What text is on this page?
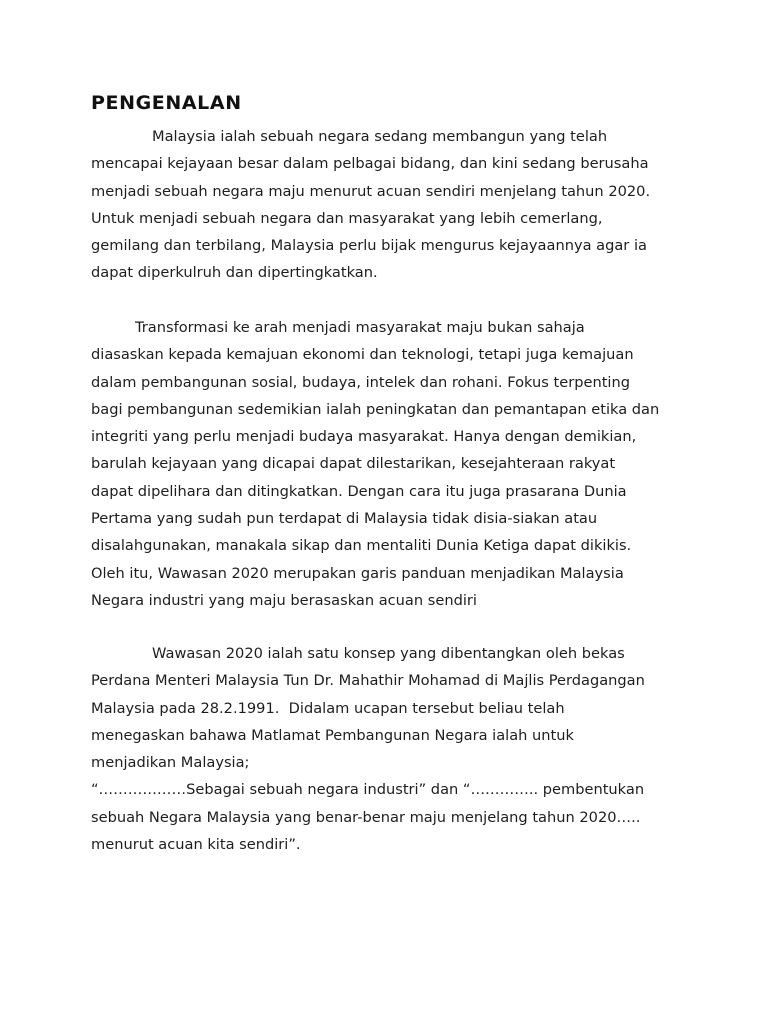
PENGENALAN

Malaysia ialah sebuah negara sedang membangun yang telah
mencapai kejayaan besar dalam pelbagai bidang, dan kini sedang berusaha
menjadi sebuah negara maju menurut acuan sendiri menjelang tahun 2020.
Untuk menjadi sebuah negara dan masyarakat yang lebih cemerlang,
gemilang dan terbilang, Malaysia perlu bijak mengurus kejayaannya agar ia
dapat diperkulruh dan dipertingkatkan.

Transformasi ke arah menjadi masyarakat maju bukan sahaja
diasaskan kepada kemajuan ekonomi dan teknologi, tetapi juga kemajuan
dalam pembangunan sosial, budaya, intelek dan rohani. Fokus terpenting
bagi pembangunan sedemikian ialah peningkatan dan pemantapan etika dan
integriti yang perlu menjadi budaya masyarakat. Hanya dengan demikian,
barulah kejayaan yang dicapai dapat dilestarikan, kesejahteraan rakyat
dapat dipelihara dan ditingkatkan. Dengan cara itu juga prasarana Dunia
Pertama yang sudah pun terdapat di Malaysia tidak disia-siakan atau
disalahgunakan, manakala sikap dan mentaliti Dunia Ketiga dapat dikikis.
Oleh itu, Wawasan 2020 merupakan garis panduan menjadikan Malaysia
Negara industri yang maju berasaskan acuan sendiri

Wawasan 2020 ialah satu konsep yang dibentangkan oleh bekas
Perdana Menteri Malaysia Tun Dr. Mahathir Mohamad di Majlis Perdagangan
Malaysia pada 28.2.1991.  Didalam ucapan tersebut beliau telah
menegaskan bahawa Matlamat Pembangunan Negara ialah untuk
menjadikan Malaysia;
“………………Sebagai sebuah negara industri” dan “………….. pembentukan
sebuah Negara Malaysia yang benar-benar maju menjelang tahun 2020…..
menurut acuan kita sendiri”.
